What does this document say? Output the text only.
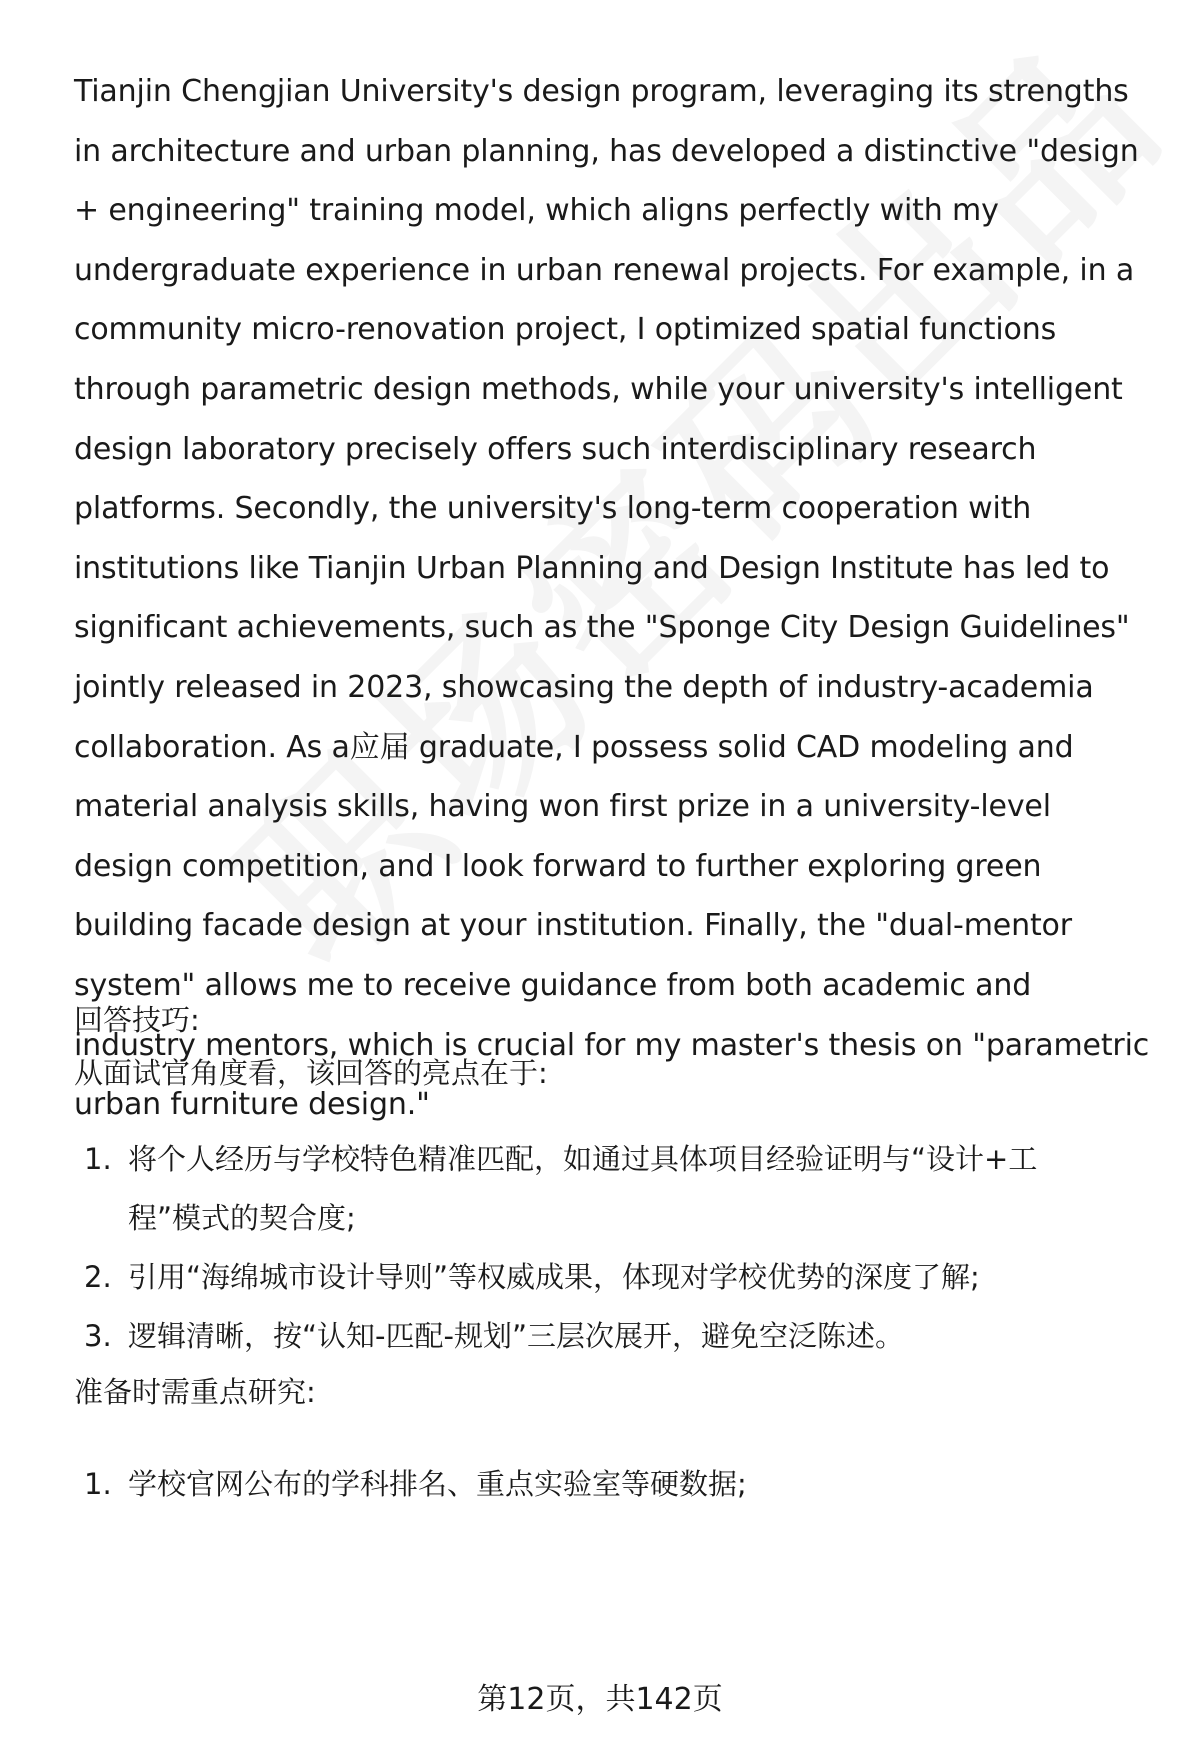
Tianjin Chengjian University's design program, leveraging its strengths in architecture and urban planning, has developed a distinctive "design + engineering" training model, which aligns perfectly with my undergraduate experience in urban renewal projects. For example, in a community micro-renovation project, I optimized spatial functions through parametric design methods, while your university's intelligent design laboratory precisely offers such interdisciplinary research platforms. Secondly, the university's long-term cooperation with institutions like Tianjin Urban Planning and Design Institute has led to significant achievements, such as the "Sponge City Design Guidelines" jointly released in 2023, showcasing the depth of industry-academia collaboration. As a应届 graduate, I possess solid CAD modeling and material analysis skills, having won first prize in a university-level design competition, and I look forward to further exploring green building facade design at your institution. Finally, the "dual-mentor system" allows me to receive guidance from both academic and industry mentors, which is crucial for my master's thesis on "parametric urban furniture design."

回答技巧:

从面试官角度看，该回答的亮点在于:

1. 将个人经历与学校特色精准匹配，如通过具体项目经验证明与“设计+工程”模式的契合度;
2. 引用“海绵城市设计导则”等权威成果，体现对学校优势的深度了解;
3. 逻辑清晰，按“认知-匹配-规划”三层次展开，避免空泛陈述。

准备时需重点研究:

1. 学校官网公布的学科排名、重点实验室等硬数据;
第12页，共142页
